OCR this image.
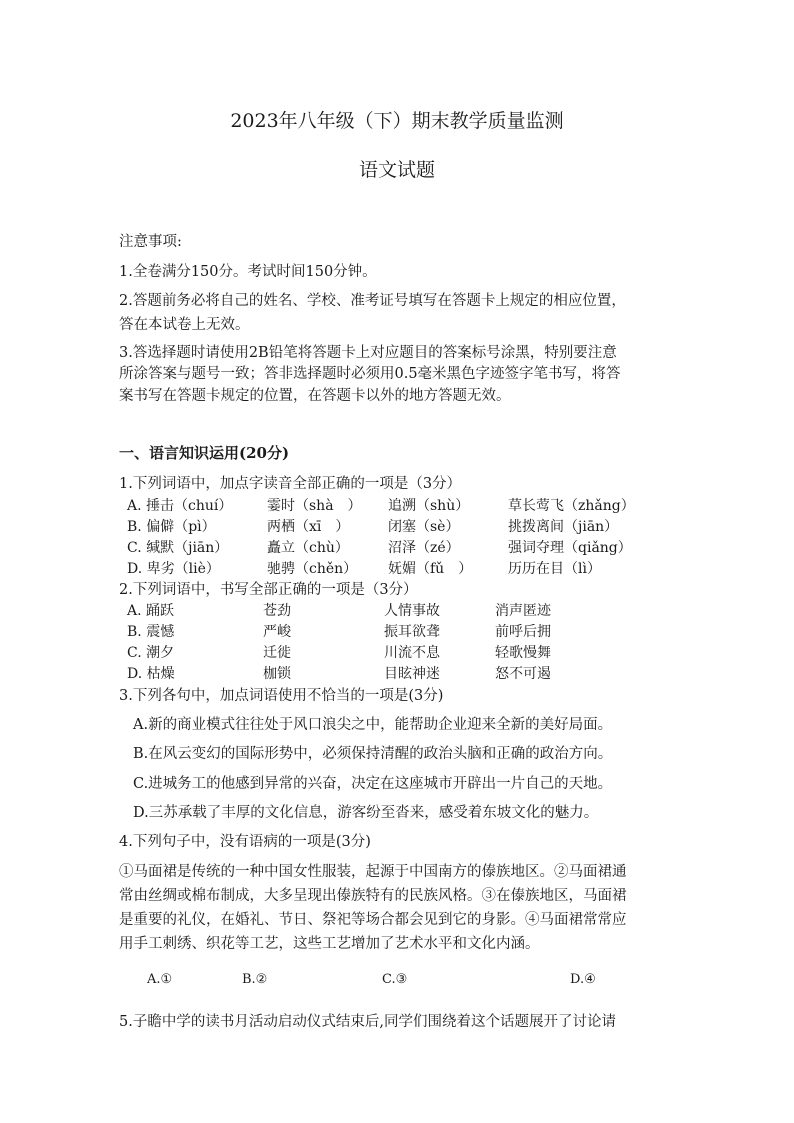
2023年八年级（下）期末教学质量监测
语文试题
注意事项:
1.全卷满分150分。考试时间150分钟。
2.答题前务必将自己的姓名、学校、准考证号填写在答题卡上规定的相应位置，
答在本试卷上无效。
3.答选择题时请使用2B铅笔将答题卡上对应题目的答案标号涂黑，特别要注意
所涂答案与题号一致；答非选择题时必须用0.5毫米黑色字迹签字笔书写，将答
案书写在答题卡规定的位置，在答题卡以外的地方答题无效。
一、语言知识运用(20分)
1.下列词语中，加点字读音全部正确的一项是（3分）
A. 捶击（chuí） 霎时（shà　） 追溯（shù）	草长莺飞（zhǎng）
B. 偏僻（pì）	两栖（xī　）	闭塞（sè）	挑拨离间（jiān）
C. 缄默（jiān）	矗立（chù）	沼泽（zé）	强词夺理（qiǎng）
D. 卑劣（liè）	驰骋（chěn） 妩媚（fǔ　）	历历在目（lì）
2.下列词语中，书写全部正确的一项是（3分）
A. 踊跃	苍劲	人情事故	消声匿迹
B. 震憾	严峻	振耳欲聋	前呼后拥
C. 潮夕	迁徙	川流不息	轻歌慢舞
D. 枯燥	枷锁	目眩神迷	怒不可遏
3.下列各句中，加点词语使用不恰当的一项是(3分)
A.新的商业模式往往处于风口浪尖之中，能帮助企业迎来全新的美好局面。
B.在风云变幻的国际形势中，必须保持清醒的政治头脑和正确的政治方向。
C.进城务工的他感到异常的兴奋，决定在这座城市开辟出一片自己的天地。
D.三苏承载了丰厚的文化信息，游客纷至沓来，感受着东坡文化的魅力。
4.下列句子中，没有语病的一项是(3分)
①马面裙是传统的一种中国女性服装，起源于中国南方的傣族地区。②马面裙通
常由丝绸或棉布制成，大多呈现出傣族特有的民族风格。③在傣族地区，马面裙
是重要的礼仪，在婚礼、节日、祭祀等场合都会见到它的身影。④马面裙常常应
用手工刺绣、织花等工艺，这些工艺增加了艺术水平和文化内涵。
A.①	B.②	C.③	D.④
5.子瞻中学的读书月活动启动仪式结束后,同学们围绕着这个话题展开了讨论请
